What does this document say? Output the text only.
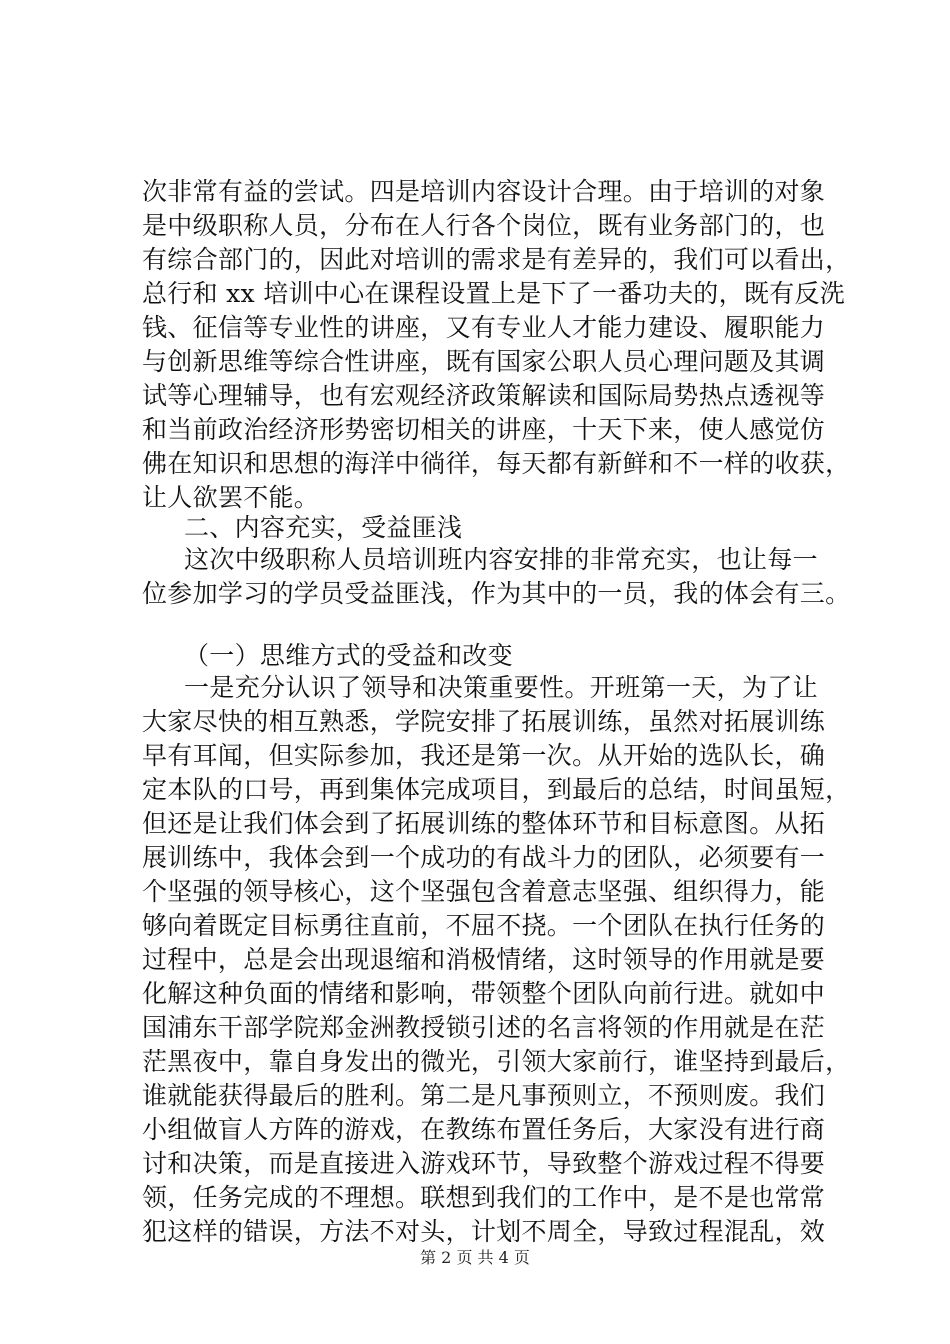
次非常有益的尝试。四是培训内容设计合理。由于培训的对象
是中级职称人员，分布在人行各个岗位，既有业务部门的，也
有综合部门的，因此对培训的需求是有差异的，我们可以看出，
总行和 xx 培训中心在课程设置上是下了一番功夫的，既有反洗
钱、征信等专业性的讲座，又有专业人才能力建设、履职能力
与创新思维等综合性讲座，既有国家公职人员心理问题及其调
试等心理辅导，也有宏观经济政策解读和国际局势热点透视等
和当前政治经济形势密切相关的讲座，十天下来，使人感觉仿
佛在知识和思想的海洋中徜徉，每天都有新鲜和不一样的收获，
让人欲罢不能。
二、内容充实，受益匪浅
这次中级职称人员培训班内容安排的非常充实，也让每一
位参加学习的学员受益匪浅，作为其中的一员，我的体会有三。
（一）思维方式的受益和改变
一是充分认识了领导和决策重要性。开班第一天，为了让
大家尽快的相互熟悉，学院安排了拓展训练，虽然对拓展训练
早有耳闻，但实际参加，我还是第一次。从开始的选队长，确
定本队的口号，再到集体完成项目，到最后的总结，时间虽短，
但还是让我们体会到了拓展训练的整体环节和目标意图。从拓
展训练中，我体会到一个成功的有战斗力的团队，必须要有一
个坚强的领导核心，这个坚强包含着意志坚强、组织得力，能
够向着既定目标勇往直前，不屈不挠。一个团队在执行任务的
过程中，总是会出现退缩和消极情绪，这时领导的作用就是要
化解这种负面的情绪和影响，带领整个团队向前行进。就如中
国浦东干部学院郑金洲教授锁引述的名言将领的作用就是在茫
茫黑夜中，靠自身发出的微光，引领大家前行，谁坚持到最后，
谁就能获得最后的胜利。第二是凡事预则立，不预则废。我们
小组做盲人方阵的游戏，在教练布置任务后，大家没有进行商
讨和决策，而是直接进入游戏环节，导致整个游戏过程不得要
领，任务完成的不理想。联想到我们的工作中，是不是也常常
犯这样的错误，方法不对头，计划不周全，导致过程混乱，效
第 2 页 共 4 页
